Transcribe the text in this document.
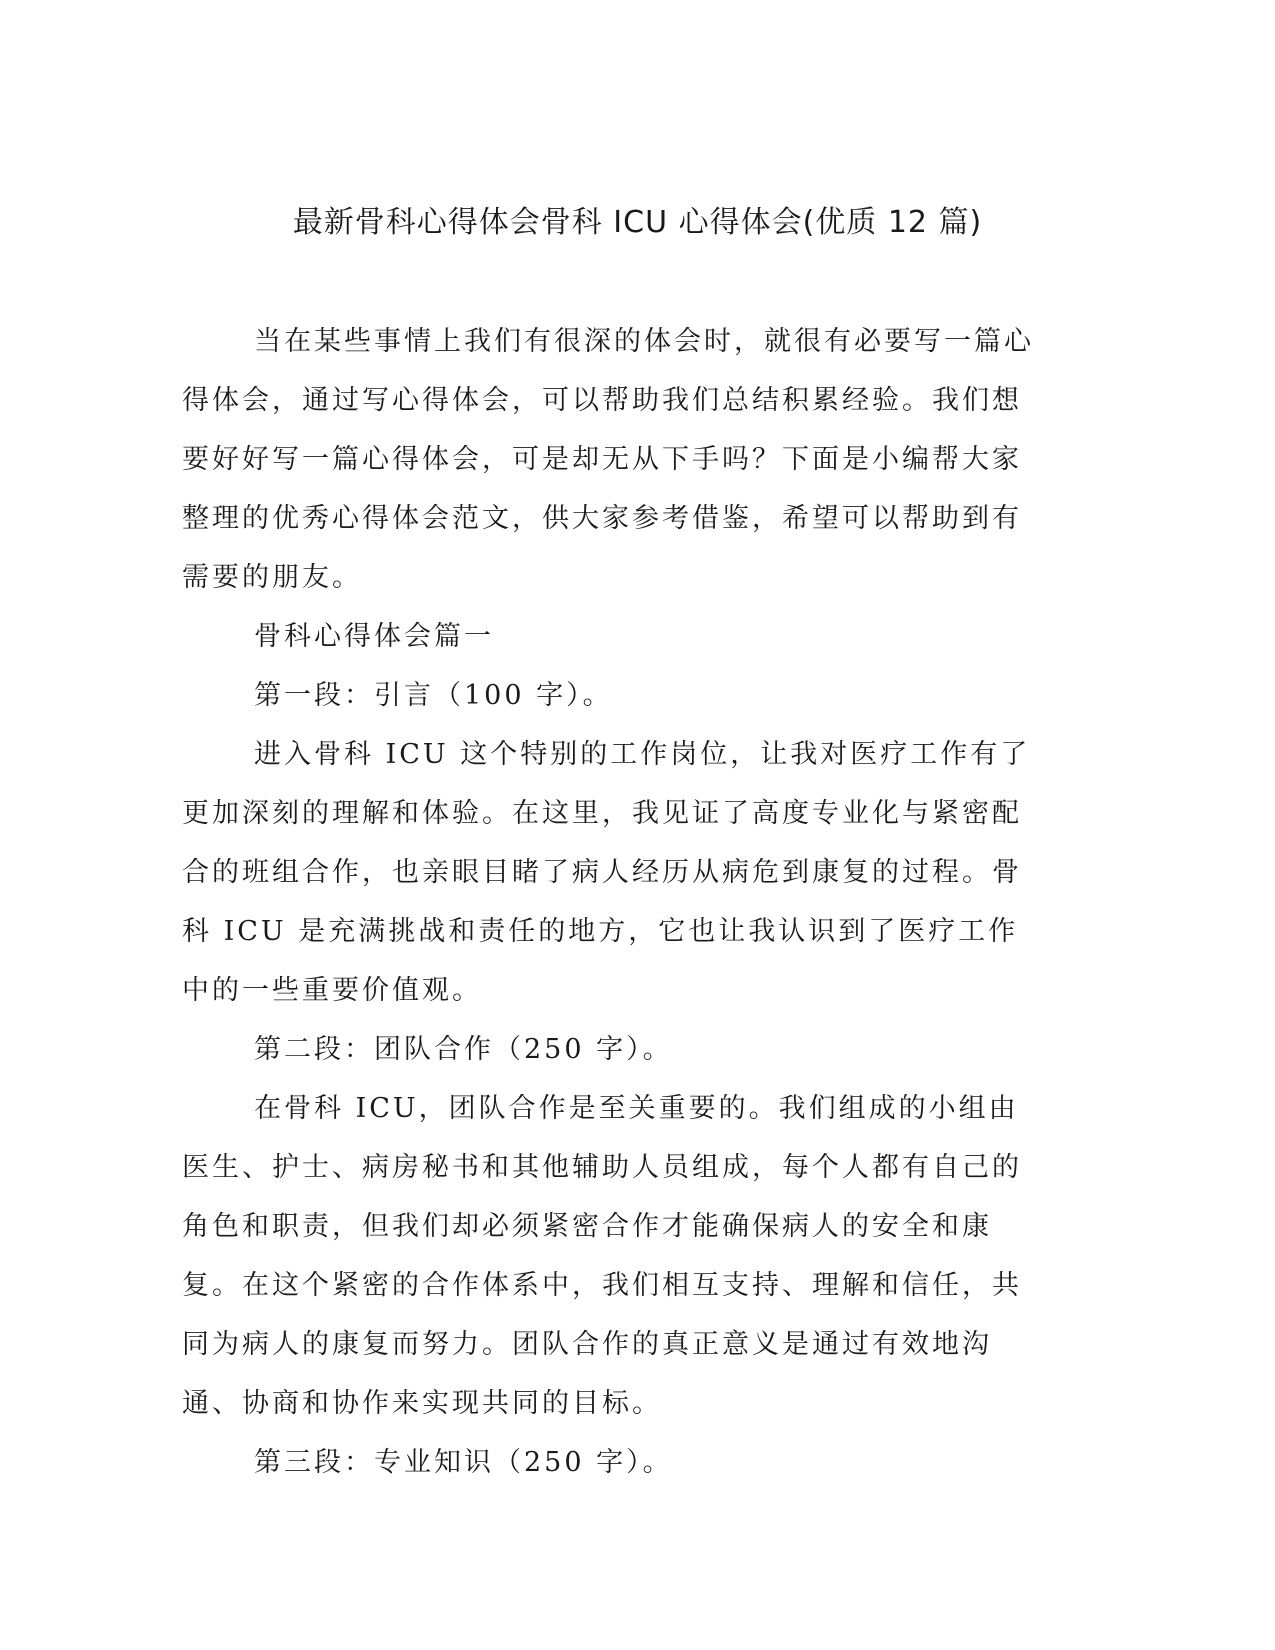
最新骨科心得体会骨科 ICU 心得体会(优质 12 篇)

当在某些事情上我们有很深的体会时，就很有必要写一篇心得体会，通过写心得体会，可以帮助我们总结积累经验。我们想要好好写一篇心得体会，可是却无从下手吗？下面是小编帮大家整理的优秀心得体会范文，供大家参考借鉴，希望可以帮助到有需要的朋友。

骨科心得体会篇一

第一段：引言（100 字）。

进入骨科 ICU 这个特别的工作岗位，让我对医疗工作有了更加深刻的理解和体验。在这里，我见证了高度专业化与紧密配合的班组合作，也亲眼目睹了病人经历从病危到康复的过程。骨科 ICU 是充满挑战和责任的地方，它也让我认识到了医疗工作中的一些重要价值观。

第二段：团队合作（250 字）。

在骨科 ICU，团队合作是至关重要的。我们组成的小组由医生、护士、病房秘书和其他辅助人员组成，每个人都有自己的角色和职责，但我们却必须紧密合作才能确保病人的安全和康复。在这个紧密的合作体系中，我们相互支持、理解和信任，共同为病人的康复而努力。团队合作的真正意义是通过有效地沟通、协商和协作来实现共同的目标。

第三段：专业知识（250 字）。
